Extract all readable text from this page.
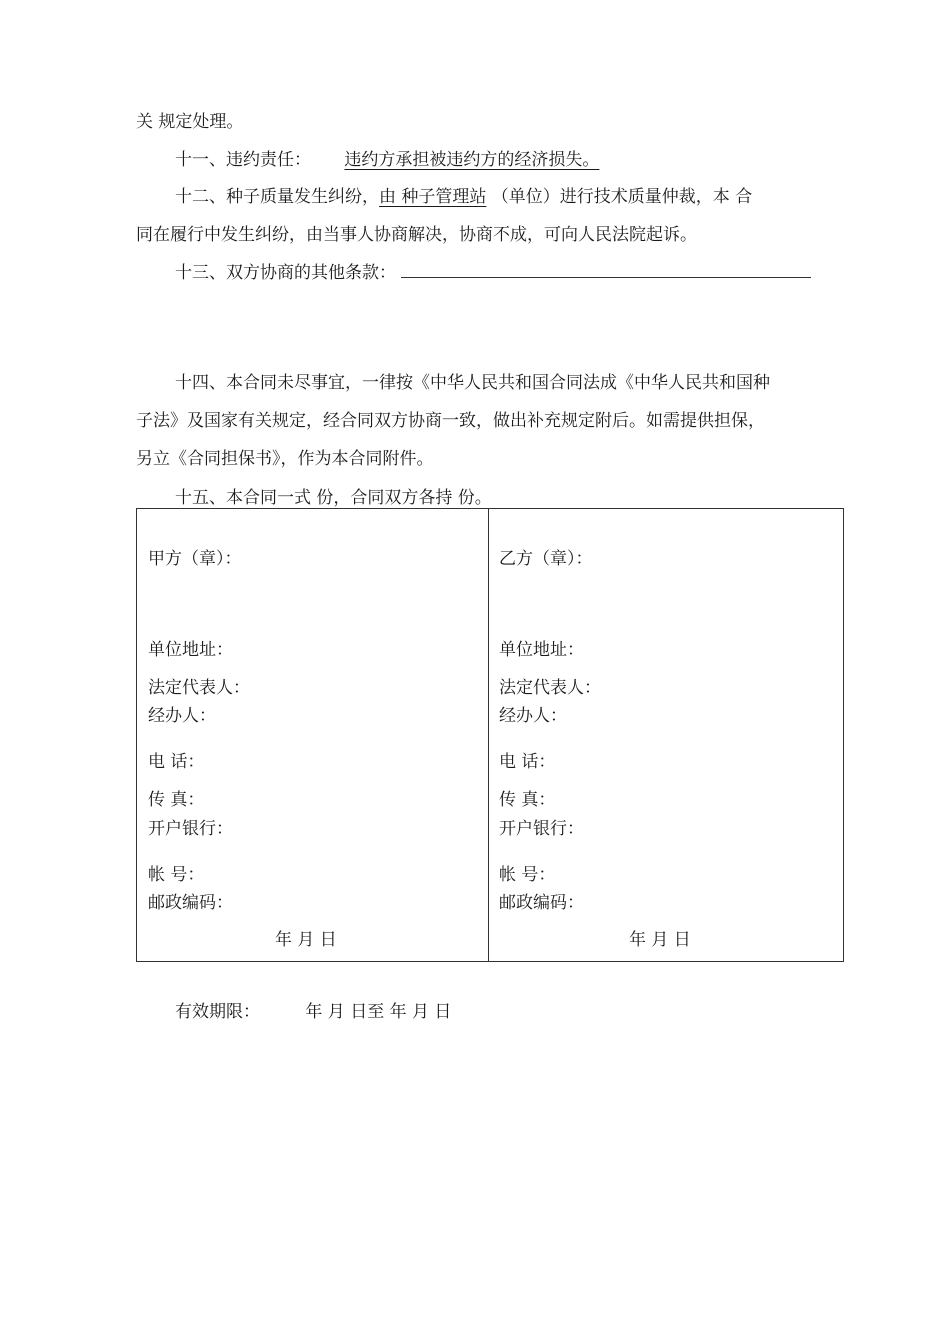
关 规定处理。
十一、违约责任： 违约方承担被违约方的经济损失。
十二、种子质量发生纠纷，由 种子管理站 （单位）进行技术质量仲裁，本 合
同在履行中发生纠纷，由当事人协商解决，协商不成，可向人民法院起诉。
十三、双方协商的其他条款：
十四、本合同未尽事宜，一律按《中华人民共和国合同法成《中华人民共和国种
子法》及国家有关规定，经合同双方协商一致，做出补充规定附后。如需提供担保，
另立《合同担保书》，作为本合同附件。
十五、本合同一式 份，合同双方各持 份。
甲方（章）：
单位地址：
法定代表人：
经办人：
电 话：
传 真：
开户银行：
帐 号：
邮政编码：
年 月 日
乙方（章）：
单位地址：
法定代表人：
经办人：
电 话：
传 真：
开户银行：
帐 号：
邮政编码：
年 月 日
有效期限：	年 月 日至 年 月 日
